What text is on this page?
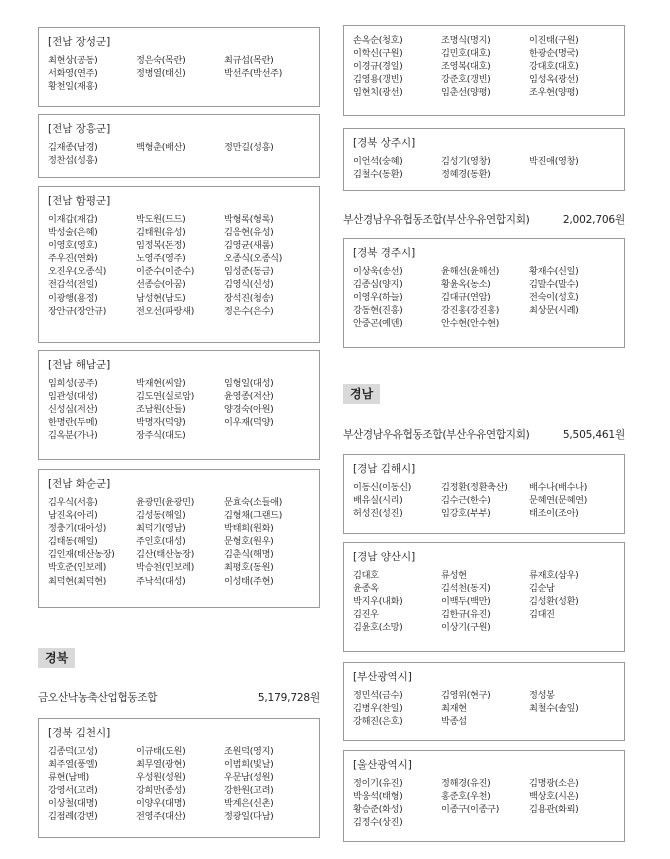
[전남 장성군]
최현상(공동)	정은숙(목란)	최규섭(목란)
서화영(연주)	정병열(태신)	박선주(박선주)
황천일(재홍)
[전남 장흥군]
김재종(남경)	백형춘(배산)	정만길(성흥)
정찬섭(성흥)
[전남 함평군]
이재갑(재갑)	박도원(드드)	박형록(형록)
박성술(은혜)	김태원(유성)	김응현(유성)
이영호(영호)	임정복(돈정)	김영균(새롬)
주우진(연화)	노영주(영주)	오종식(오종식)
오진우(오종식)	이준수(이준수)	임성준(동금)
전갑석(전일)	선종승(아꿈)	김영식(신성)
이광행(용정)	남성현(남도)	장석진(청송)
장안규(장안규)	전오선(파랑새)	정은수(은수)
[전남 해남군]
임희성(공주)	박재현(씨알)	임형일(대성)
임관성(대성)	김도연(실로암)	윤영종(저산)
신성심(저산)	조남원(산들)	양경숙(아원)
한명란(두메)	박명자(덕양)	이우재(덕양)
김옥분(가나)	장주식(대도)
[전남 화순군]
김우식(서흥)	윤광민(윤광민)	문효숙(소들애)
남진옥(아리)	김성동(해일)	김형채(그랜드)
정충기(대아성)	최덕기(영남)	박태희(원화)
김태동(해일)	주인호(대성)	문형호(원우)
김인재(태산농장)	김산(태산농장)	김춘식(해명)
박호준(인보레)	박승천(인보레)	최평호(동원)
최덕현(최덕현)	주낙석(대성)	이성태(주현)
경북
금오산낙농축산업협동조합	5,179,728원
[경북 김천시]
김종덕(고성)	이규태(도원)	조원덕(영지)
최주열(풍엘)	최무열(광현)	이범희(빛날)
류현(남매)	우성원(성원)	우문남(성원)
강영서(고려)	강희만(종성)	강한원(고려)
이상철(대명)	이양우(대명)	박계은(신촌)
김점례(강변)	전영주(대산)	정광일(다남)
손옥순(청호)	조명식(명지)	이진태(구원)
이학신(구원)	김민호(대호)	한광순(명국)
이경규(경일)	조영복(대호)	강대호(대호)
김영용(갱빈)	강준호(갱빈)	임성옥(광선)
임현치(광선)	임춘선(양평)	조우현(양평)
[경북 상주시]
이언석(숭혜)	김성기(영창)	박진애(영창)
김철수(동환)	정혜경(동환)
부산경남우유협동조합(부산우유연합지회)	2,002,706원
[경북 경주시]
이상욱(송선)	윤해선(윤해선)	황재수(신일)
김종심(양지)	황윤옥(농소)	김말수(말수)
이영우(하늘)	김대규(연암)	전숙이(성호)
강동현(진흥)	강진홍(강진홍)	최상문(시례)
안중곤(예덴)	안수현(안수현)
경남
부산경남우유협동조합(부산우유연합지회)	5,505,461원
[경남 김해시]
이동신(이동신)	김정환(정환축산)	배수나(배수나)
배유실(시리)	김수근(한수)	문혜연(문혜연)
허성진(성진)	임강호(부부)	태조이(조아)
[경남 양산시]
김대호	류성현	류재호(삼우)
윤종옥	김석천(동지)	김순남
박지우(내화)	이백두(백만)	김성환(성환)
김진우	김한규(유진)	김대진
김윤호(소망)	이상기(구원)
[부산광역시]
정민석(금수)	김영위(현구)	정성봉
김병우(찬일)	최재현	최철수(솔잎)
강해진(은호)	박종섭
[울산광역시]
정이기(유진)	정해경(유진)	김명광(소은)
박웅석(태형)	홍준호(우천)	백상호(시온)
황승준(화성)	이종구(이종구)	김용관(화뢰)
김정수(상진)
